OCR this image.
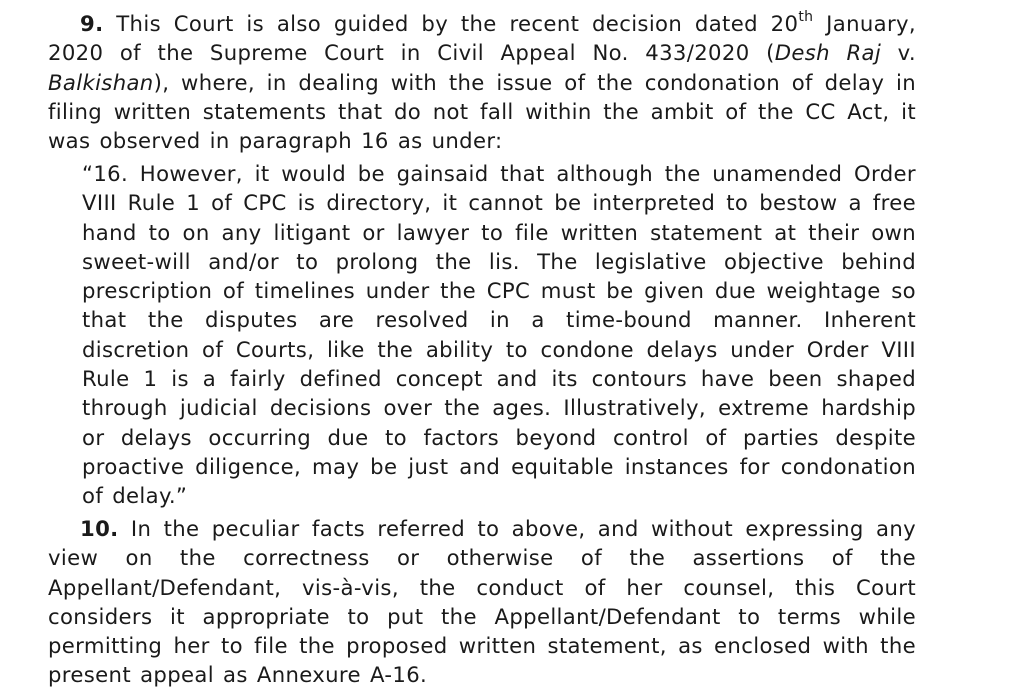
9. This Court is also guided by the recent decision dated 20th January, 2020 of the Supreme Court in Civil Appeal No. 433/2020 (Desh Raj v. Balkishan), where, in dealing with the issue of the condonation of delay in filing written statements that do not fall within the ambit of the CC Act, it was observed in paragraph 16 as under:

“16. However, it would be gainsaid that although the unamended Order VIII Rule 1 of CPC is directory, it cannot be interpreted to bestow a free hand to on any litigant or lawyer to file written statement at their own sweet-will and/or to prolong the lis. The legislative objective behind prescription of timelines under the CPC must be given due weightage so that the disputes are resolved in a time-bound manner. Inherent discretion of Courts, like the ability to condone delays under Order VIII Rule 1 is a fairly defined concept and its contours have been shaped through judicial decisions over the ages. Illustratively, extreme hardship or delays occurring due to factors beyond control of parties despite proactive diligence, may be just and equitable instances for condonation of delay.”

10. In the peculiar facts referred to above, and without expressing any view on the correctness or otherwise of the assertions of the Appellant/Defendant, vis-à-vis, the conduct of her counsel, this Court considers it appropriate to put the Appellant/Defendant to terms while permitting her to file the proposed written statement, as enclosed with the present appeal as Annexure A-16.
